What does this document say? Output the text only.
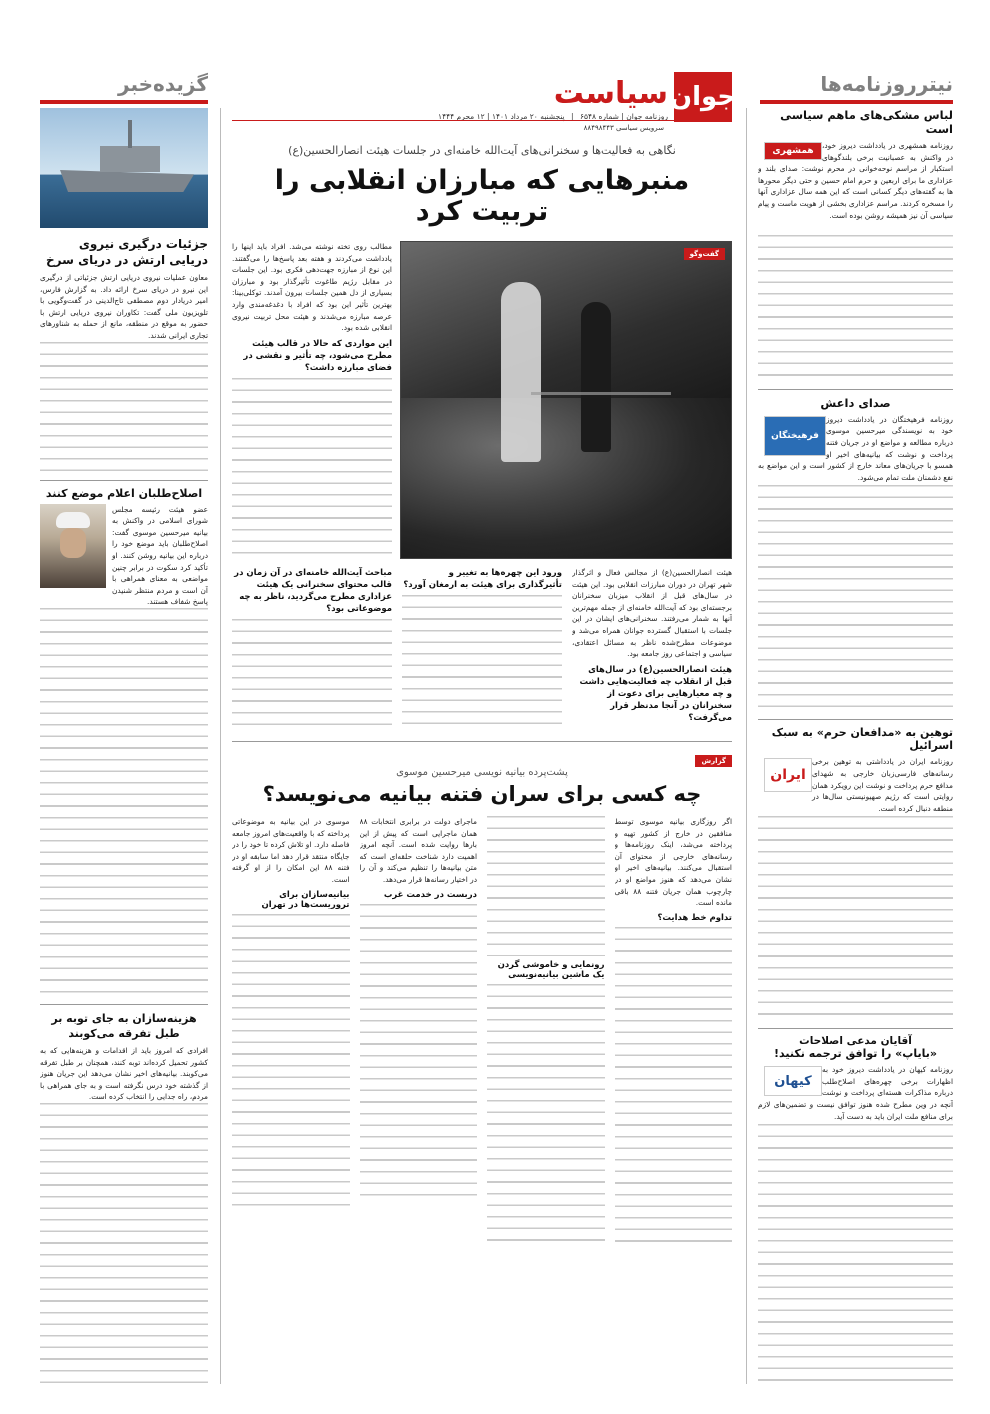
جوان
سیاست
روزنامه جوان | شماره ۶۵۴۸ | پنجشنبه ۲۰ مرداد ۱۴۰۱ | ۱۲ محرم ۱۴۴۴
سرویس سیاسی ۸۸۴۹۸۴۴۳
نیترروزنامه‌ها
لباس مشکی‌های ماهم سیاسی است
همشهری
روزنامه همشهری در یادداشت دیروز خود، در واکنش به عصبانیت برخی بلندگوهای استکبار از مراسم نوحه‌خوانی در محرم نوشت: صدای بلند و عزاداری ما برای اربعین و حرم امام حسین و حتی دیگر محورها ها به گفته‌های دیگر کسانی است که این همه سال عزاداری آنها را مسخره کردند. مراسم عزاداری بخشی از هویت ماست و پیام سیاسی آن نیز همیشه روشن بوده است.
صدای داعش
فرهیختگان
روزنامه فرهیختگان در یادداشت دیروز خود به نویسندگی میرحسین موسوی درباره مطالعه و مواضع او در جریان فتنه پرداخت و نوشت که بیانیه‌های اخیر او همسو با جریان‌های معاند خارج از کشور است و این مواضع به نفع دشمنان ملت تمام می‌شود.
توهین به «مدافعان حرم» به سبک اسرائیل
ایران
روزنامه ایران در یادداشتی به توهین برخی رسانه‌های فارسی‌زبان خارجی به شهدای مدافع حرم پرداخت و نوشت این رویکرد همان روایتی است که رژیم صهیونیستی سال‌ها در منطقه دنبال کرده است.
آقایان مدعی اصلاحات
«بایاپ» را توافق ترجمه نکنید!
کیهان
روزنامه کیهان در یادداشت دیروز خود به اظهارات برخی چهره‌های اصلاح‌طلب درباره مذاکرات هسته‌ای پرداخت و نوشت آنچه در وین مطرح شده هنوز توافق نیست و تضمین‌های لازم برای منافع ملت ایران باید به دست آید.
نگاهی به فعالیت‌ها و سخنرانی‌های آیت‌الله خامنه‌ای در جلسات هیئت انصارالحسین(ع)
منبرهایی که مبارزان انقلابی را تربیت کرد
گفت‌وگو
مطالب روی تخته نوشته می‌شد. افراد باید اینها را یادداشت می‌کردند و هفته بعد پاسخ‌ها را می‌گفتند. این نوع از مبارزه جهت‌دهی فکری بود. این جلسات در مقابل رژیم طاغوت تأثیرگذار بود و مبارزان بسیاری از دل همین جلسات بیرون آمدند. توکلی‌بینا: بهترین تأثیر این بود که افراد با دغدغه‌مندی وارد عرصه مبارزه می‌شدند و هیئت محل تربیت نیروی انقلابی شده بود.
این مواردی که حالا در قالب هیئت مطرح می‌شود، چه تأثیر و نقشی در فضای مبارزه داشت؟
هیئت انصارالحسین(ع) از مجالس فعال و اثرگذار شهر تهران در دوران مبارزات انقلابی بود. این هیئت در سال‌های قبل از انقلاب میزبان سخنرانان برجسته‌ای بود که آیت‌الله خامنه‌ای از جمله مهم‌ترین آنها به شمار می‌رفتند. سخنرانی‌های ایشان در این جلسات با استقبال گسترده جوانان همراه می‌شد و موضوعات مطرح‌شده ناظر به مسائل اعتقادی، سیاسی و اجتماعی روز جامعه بود.
هیئت انصارالحسین(ع) در سال‌های قبل از انقلاب چه فعالیت‌هایی داشت و چه معیارهایی برای دعوت از سخنرانان در آنجا مدنظر قرار می‌گرفت؟
ورود این چهره‌ها به تغییر و تأثیرگذاری برای هیئت به ارمغان آورد؟
مباحث آیت‌الله خامنه‌ای در آن زمان در قالب محتوای سخنرانی یک هیئت عزاداری مطرح می‌گردید، ناظر به چه موضوعاتی بود؟
گزارش
پشت‌پرده بیانیه نویسی میرحسین موسوی
چه کسی برای سران فتنه بیانیه می‌نویسد؟
اگر روزگاری بیانیه موسوی توسط منافقین در خارج از کشور تهیه و پرداخته می‌شد، اینک روزنامه‌ها و رسانه‌های خارجی از محتوای آن استقبال می‌کنند. بیانیه‌های اخیر او نشان می‌دهد که هنوز مواضع او در چارچوب همان جریان فتنه ۸۸ باقی مانده است.
تداوم خط هدایت؟
رونمایی و خاموشی گردن یک ماشین بیانیه‌نویسی
ماجرای دولت در برابری انتخابات ۸۸ همان ماجرایی است که پیش از این بارها روایت شده است. آنچه امروز اهمیت دارد شناخت حلقه‌ای است که متن بیانیه‌ها را تنظیم می‌کند و آن را در اختیار رسانه‌ها قرار می‌دهد.
دربست در خدمت غرب
موسوی در این بیانیه به موضوعاتی پرداخته که با واقعیت‌های امروز جامعه فاصله دارد. او تلاش کرده تا خود را در جایگاه منتقد قرار دهد اما سابقه او در فتنه ۸۸ این امکان را از او گرفته است.
بیانیه‌سازان برای تروریست‌ها در تهران
گزیده‌خبر
جزئیات درگیری نیروی دریایی ارتش در دریای سرخ
معاون عملیات نیروی دریایی ارتش جزئیاتی از درگیری این نیرو در دریای سرخ ارائه داد. به گزارش فارس، امیر دریادار دوم مصطفی تاج‌الدینی در گفت‌وگویی با تلویزیون ملی گفت: تکاوران نیروی دریایی ارتش با حضور به موقع در منطقه، مانع از حمله به شناورهای تجاری ایرانی شدند.
اصلاح‌طلبان اعلام موضع کنند
عضو هیئت رئیسه مجلس شورای اسلامی در واکنش به بیانیه میرحسین موسوی گفت: اصلاح‌طلبان باید موضع خود را درباره این بیانیه روشن کنند. او تأکید کرد سکوت در برابر چنین مواضعی به معنای همراهی با آن است و مردم منتظر شنیدن پاسخ شفاف هستند.
هزینه‌سازان به جای توبه بر طبل تفرقه می‌کوبند
افرادی که امروز باید از اقدامات و هزینه‌هایی که به کشور تحمیل کرده‌اند توبه کنند، همچنان بر طبل تفرقه می‌کوبند. بیانیه‌های اخیر نشان می‌دهد این جریان هنوز از گذشته خود درس نگرفته است و به جای همراهی با مردم، راه جدایی را انتخاب کرده است.
